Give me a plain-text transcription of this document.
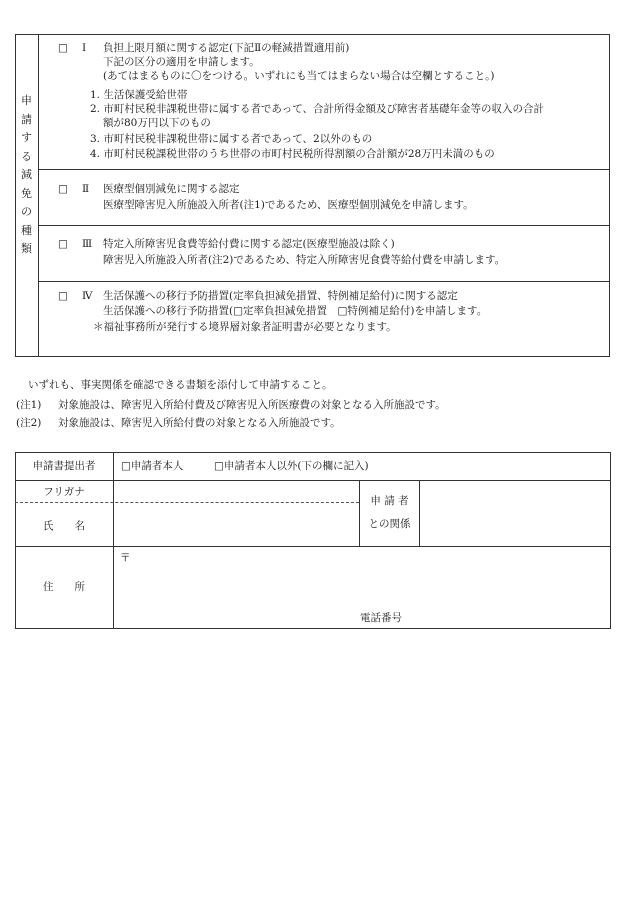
申
請
す
る
減
免
の
種
類
□ Ⅰ 負担上限月額に関する認定(下記Ⅱの軽減措置適用前)
下記の区分の適用を申請します。
(あてはまるものに〇をつける。いずれにも当てはまらない場合は空欄とすること。)
1. 生活保護受給世帯
2. 市町村民税非課税世帯に属する者であって、合計所得金額及び障害者基礎年金等の収入の合計
額が80万円以下のもの
3. 市町村民税非課税世帯に属する者であって、2以外のもの
4. 市町村民税課税世帯のうち世帯の市町村民税所得割額の合計額が28万円未満のもの
□ Ⅱ 医療型個別減免に関する認定
医療型障害児入所施設入所者(注1)であるため、医療型個別減免を申請します。
□ Ⅲ 特定入所障害児食費等給付費に関する認定(医療型施設は除く)
障害児入所施設入所者(注2)であるため、特定入所障害児食費等給付費を申請します。
□ Ⅳ 生活保護への移行予防措置(定率負担減免措置、特例補足給付)に関する認定
生活保護への移行予防措置(□定率負担減免措置　□特例補足給付)を申請します。
＊福祉事務所が発行する境界層対象者証明書が必要となります。
いずれも、事実関係を確認できる書類を添付して申請すること。
(注1) 対象施設は、障害児入所給付費及び障害児入所医療費の対象となる入所施設です。
(注2) 対象施設は、障害児入所給付費の対象となる入所施設です。
申請書提出者	□申請者本人	□申請者本人以外(下の欄に記入)
フリガナ
氏　　名
申 請 者
との関係
住　　所
〒
電話番号
